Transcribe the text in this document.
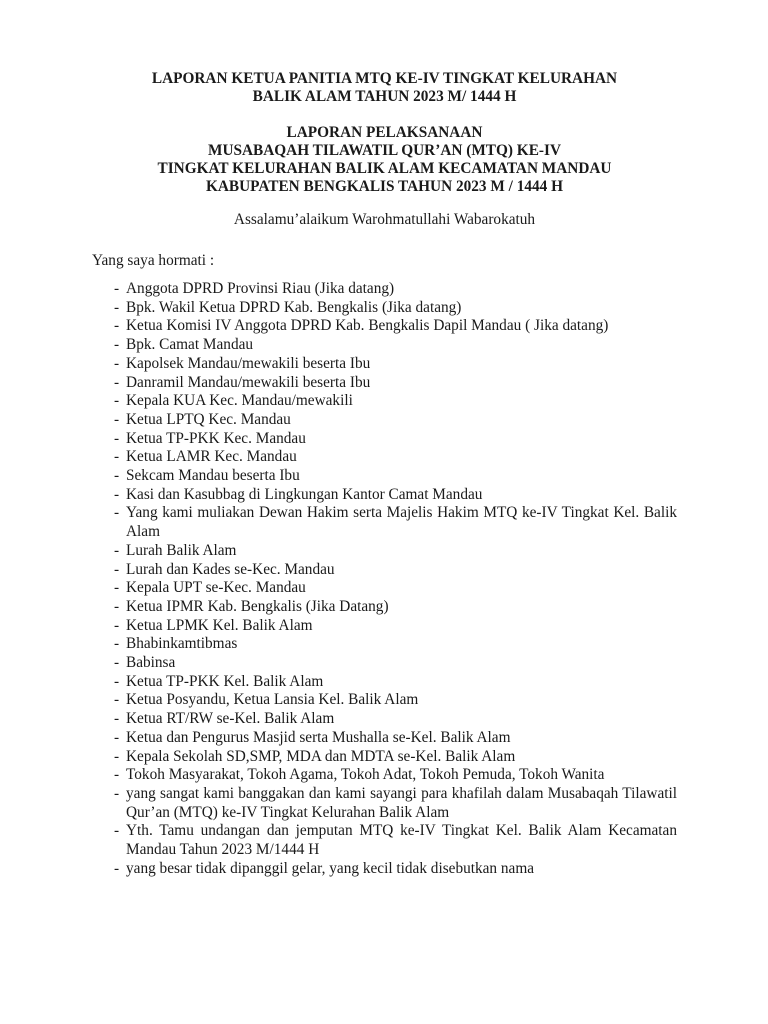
LAPORAN KETUA PANITIA MTQ KE-IV TINGKAT KELURAHAN
BALIK ALAM TAHUN 2023 M/ 1444 H
LAPORAN PELAKSANAAN
MUSABAQAH TILAWATIL QUR’AN (MTQ) KE-IV
TINGKAT KELURAHAN BALIK ALAM KECAMATAN MANDAU
KABUPATEN BENGKALIS TAHUN 2023 M / 1444 H

Assalamu’alaikum Warohmatullahi Wabarokatuh

Yang saya hormati :

- Anggota DPRD Provinsi Riau (Jika datang)
- Bpk. Wakil Ketua DPRD Kab. Bengkalis (Jika datang)
- Ketua Komisi IV Anggota DPRD Kab. Bengkalis Dapil Mandau ( Jika datang)
- Bpk. Camat Mandau
- Kapolsek Mandau/mewakili beserta Ibu
- Danramil Mandau/mewakili beserta Ibu
- Kepala KUA Kec. Mandau/mewakili
- Ketua LPTQ Kec. Mandau
- Ketua TP-PKK Kec. Mandau
- Ketua LAMR Kec. Mandau
- Sekcam Mandau beserta Ibu
- Kasi dan Kasubbag di Lingkungan Kantor Camat Mandau
- Yang kami muliakan Dewan Hakim serta Majelis Hakim MTQ ke-IV Tingkat Kel. Balik Alam
- Lurah Balik Alam
- Lurah dan Kades se-Kec. Mandau
- Kepala UPT se-Kec. Mandau
- Ketua IPMR Kab. Bengkalis (Jika Datang)
- Ketua LPMK Kel. Balik Alam
- Bhabinkamtibmas
- Babinsa
- Ketua TP-PKK Kel. Balik Alam
- Ketua Posyandu, Ketua Lansia Kel. Balik Alam
- Ketua RT/RW se-Kel. Balik Alam
- Ketua dan Pengurus Masjid serta Mushalla se-Kel. Balik Alam
- Kepala Sekolah SD,SMP, MDA dan MDTA se-Kel. Balik Alam
- Tokoh Masyarakat, Tokoh Agama, Tokoh Adat, Tokoh Pemuda, Tokoh Wanita
- yang sangat kami banggakan dan kami sayangi para khafilah dalam Musabaqah Tilawatil Qur’an (MTQ) ke-IV Tingkat Kelurahan Balik Alam
- Yth. Tamu undangan dan jemputan MTQ ke-IV Tingkat Kel. Balik Alam Kecamatan Mandau Tahun 2023 M/1444 H
- yang besar tidak dipanggil gelar, yang kecil tidak disebutkan nama
